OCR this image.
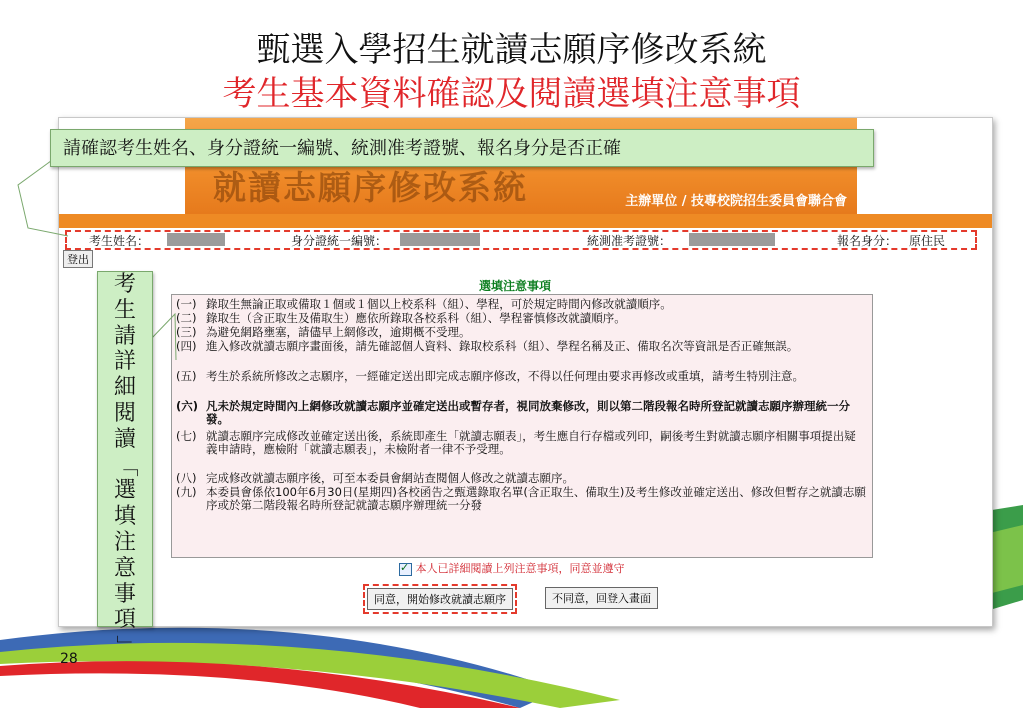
甄選入學招生就讀志願序修改系統
考生基本資料確認及閱讀選填注意事項
就讀志願序修改系統	主辦單位 / 技專校院招生委員會聯合會
考生姓名：	身分證統一編號：	統測准考證號：	報名身分： 原住民
登出
選填注意事項
(一) 錄取生無論正取或備取１個或１個以上校系科（組）、學程，可於規定時間內修改就讀順序。
(二) 錄取生（含正取生及備取生）應依所錄取各校系科（組）、學程審慎修改就讀順序。
(三) 為避免網路壅塞，請儘早上網修改，逾期概不受理。
(四) 進入修改就讀志願序畫面後，請先確認個人資料、錄取校系科（組）、學程名稱及正、備取名次等資訊是否正確無誤。
(五) 考生於系統所修改之志願序，一經確定送出即完成志願序修改，不得以任何理由要求再修改或重填，請考生特別注意。
(六) 凡未於規定時間內上網修改就讀志願序並確定送出或暫存者，視同放棄修改，則以第二階段報名時所登記就讀志願序辦理統一分發。
(七) 就讀志願序完成修改並確定送出後，系統即產生「就讀志願表」，考生應自行存檔或列印，嗣後考生對就讀志願序相關事項提出疑義申請時，應檢附「就讀志願表」，未檢附者一律不予受理。
(八) 完成修改就讀志願序後，可至本委員會網站查閱個人修改之就讀志願序。
(九) 本委員會係依100年6月30日(星期四)各校函告之甄選錄取名單(含正取生、備取生)及考生修改並確定送出、修改但暫存之就讀志願序或於第二階段報名時所登記就讀志願序辦理統一分發
✓ 本人已詳細閱讀上列注意事項，同意並遵守
同意，開始修改就讀志願序	不同意，回登入畫面
請確認考生姓名、身分證統一編號、統測准考證號、報名身分是否正確
考
生
請
詳
細
閱
讀
「
選
填
注
意
事
項
」
28
